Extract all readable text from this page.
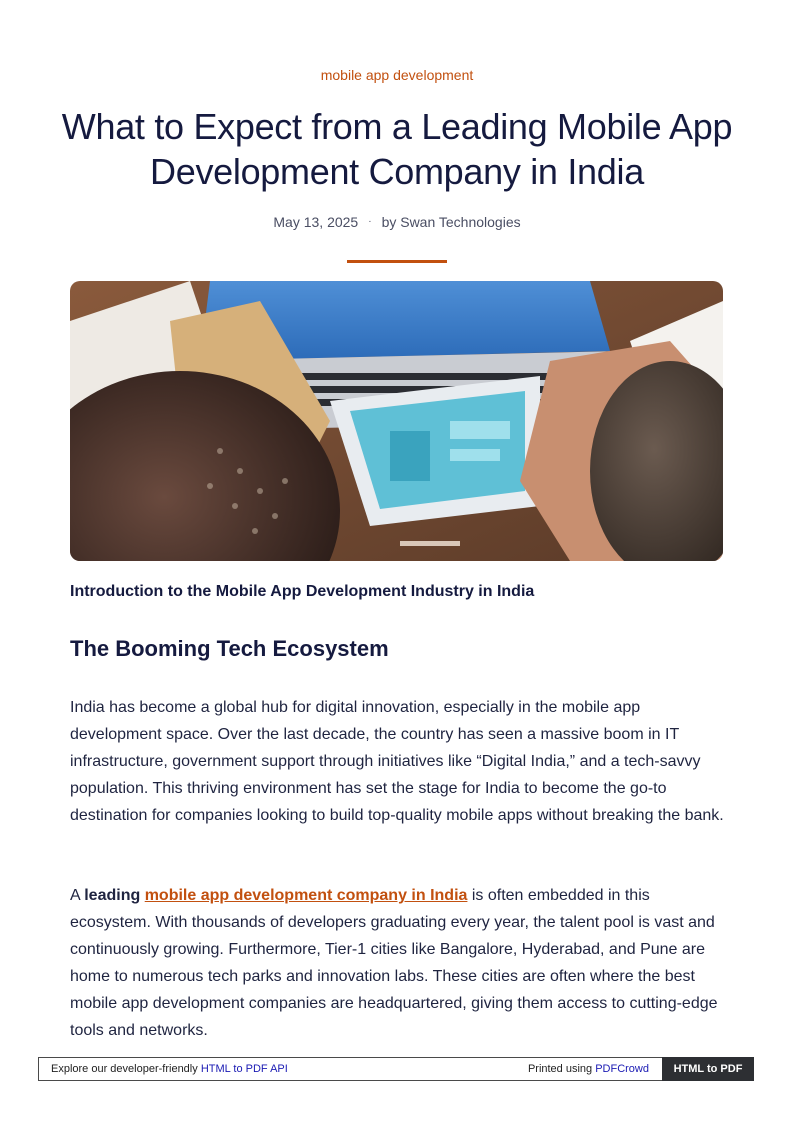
mobile app development
What to Expect from a Leading Mobile App Development Company in India
May 13, 2025 · by Swan Technologies
Introduction to the Mobile App Development Industry in India
The Booming Tech Ecosystem

India has become a global hub for digital innovation, especially in the mobile app development space. Over the last decade, the country has seen a massive boom in IT infrastructure, government support through initiatives like “Digital India,” and a tech-savvy population. This thriving environment has set the stage for India to become the go-to destination for companies looking to build top-quality mobile apps without breaking the bank.

A leading mobile app development company in India is often embedded in this ecosystem. With thousands of developers graduating every year, the talent pool is vast and continuously growing. Furthermore, Tier-1 cities like Bangalore, Hyderabad, and Pune are home to numerous tech parks and innovation labs. These cities are often where the best mobile app development companies are headquartered, giving them access to cutting-edge tools and networks.

Explore our developer-friendly HTML to PDF API	Printed using PDFCrowd	HTML to PDF
